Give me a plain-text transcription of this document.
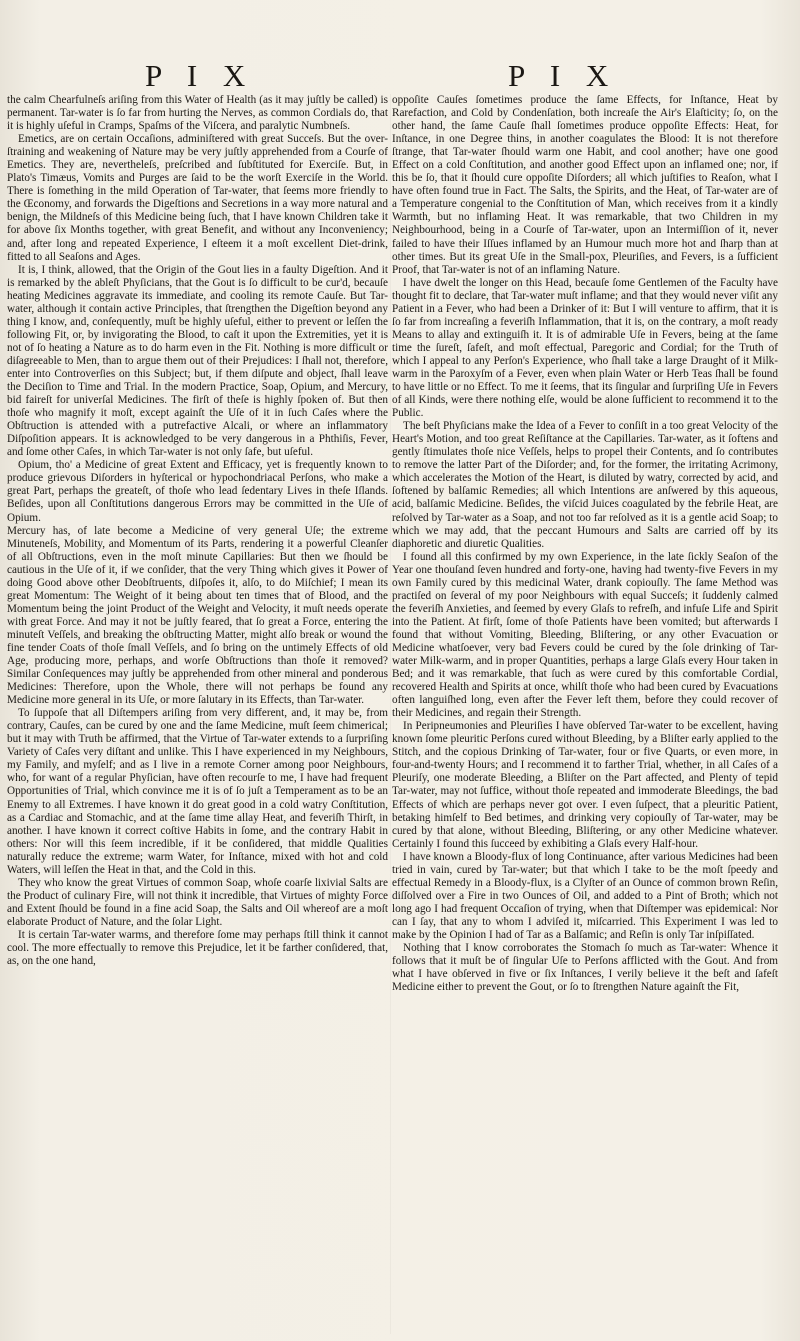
P I X	P I X

the calm Chearfulneſs ariſing from this Water of Health (as it may juſtly be called) is permanent. Tar-water is ſo far from hurting the Nerves, as common Cordials do, that it is highly uſeful in Cramps, Spaſms of the Viſcera, and paralytic Numbneſs.

Emetics, are on certain Occaſions, adminiſtered with great Succeſs. But the over-ſtraining and weakening of Nature may be very juſtly apprehended from a Courſe of Emetics. They are, nevertheleſs, preſcribed and ſubſtituted for Exerciſe. But, in Plato's Timæus, Vomits and Purges are ſaid to be the worſt Exerciſe in the World. There is ſomething in the mild Operation of Tar-water, that ſeems more friendly to the Œconomy, and forwards the Digeſtions and Secretions in a way more natural and benign, the Mildneſs of this Medicine being ſuch, that I have known Children take it for above ſix Months together, with great Benefit, and without any Inconveniency; and, after long and repeated Experience, I eſteem it a moſt excellent Diet-drink, fitted to all Seaſons and Ages.

It is, I think, allowed, that the Origin of the Gout lies in a faulty Digeſtion. And it is remarked by the ableſt Phyſicians, that the Gout is ſo difficult to be cur'd, becauſe heating Medicines aggravate its immediate, and cooling its remote Cauſe. But Tar-water, although it contain active Principles, that ſtrengthen the Digeſtion beyond any thing I know, and, conſequently, muſt be highly uſeful, either to prevent or leſſen the following Fit, or, by invigorating the Blood, to caſt it upon the Extremities, yet it is not of ſo heating a Nature as to do harm even in the Fit. Nothing is more difficult or diſagreeable to Men, than to argue them out of their Prejudices: I ſhall not, therefore, enter into Controverſies on this Subject; but, if them diſpute and object, ſhall leave the Deciſion to Time and Trial. In the modern Practice, Soap, Opium, and Mercury, bid faireſt for univerſal Medicines. The firſt of theſe is highly ſpoken of. But then thoſe who magnify it moſt, except againſt the Uſe of it in ſuch Caſes where the Obſtruction is attended with a putrefactive Alcali, or where an inflammatory Diſpoſition appears. It is acknowledged to be very dangerous in a Phthiſis, Fever, and ſome other Caſes, in which Tar-water is not only ſafe, but uſeful.

Opium, tho' a Medicine of great Extent and Efficacy, yet is frequently known to produce grievous Diſorders in hyſterical or hypochondriacal Perſons, who make a great Part, perhaps the greateſt, of thoſe who lead ſedentary Lives in theſe Iſlands. Beſides, upon all Conſtitutions dangerous Errors may be committed in the Uſe of Opium.

Mercury has, of late become a Medicine of very general Uſe; the extreme Minuteneſs, Mobility, and Momentum of its Parts, rendering it a powerful Cleanſer of all Obſtructions, even in the moſt minute Capillaries: But then we ſhould be cautious in the Uſe of it, if we conſider, that the very Thing which gives it Power of doing Good above other Deobſtruents, diſpoſes it, alſo, to do Miſchief; I mean its great Momentum: The Weight of it being about ten times that of Blood, and the Momentum being the joint Product of the Weight and Velocity, it muſt needs operate with great Force. And may it not be juſtly feared, that ſo great a Force, entering the minuteſt Veſſels, and breaking the obſtructing Matter, might alſo break or wound the fine tender Coats of thoſe ſmall Veſſels, and ſo bring on the untimely Effects of old Age, producing more, perhaps, and worſe Obſtructions than thoſe it removed? Similar Conſequences may juſtly be apprehended from other mineral and ponderous Medicines: Therefore, upon the Whole, there will not perhaps be found any Medicine more general in its Uſe, or more ſalutary in its Effects, than Tar-water.

To ſuppoſe that all Diſtempers ariſing from very different, and, it may be, from contrary, Cauſes, can be cured by one and the ſame Medicine, muſt ſeem chimerical; but it may with Truth be affirmed, that the Virtue of Tar-water extends to a ſurpriſing Variety of Caſes very diſtant and unlike. This I have experienced in my Neighbours, my Family, and myſelf; and as I live in a remote Corner among poor Neighbours, who, for want of a regular Phyſician, have often recourſe to me, I have had frequent Opportunities of Trial, which convince me it is of ſo juſt a Temperament as to be an Enemy to all Extremes. I have known it do great good in a cold watry Conſtitution, as a Cardiac and Stomachic, and at the ſame time allay Heat, and feveriſh Thirſt, in another. I have known it correct coſtive Habits in ſome, and the contrary Habit in others: Nor will this ſeem incredible, if it be conſidered, that middle Qualities naturally reduce the extreme; warm Water, for Inſtance, mixed with hot and cold Waters, will leſſen the Heat in that, and the Cold in this.

They who know the great Virtues of common Soap, whoſe coarſe lixivial Salts are the Product of culinary Fire, will not think it incredible, that Virtues of mighty Force and Extent ſhould be found in a fine acid Soap, the Salts and Oil whereof are a moſt elaborate Product of Nature, and the ſolar Light.

It is certain Tar-water warms, and therefore ſome may perhaps ſtill think it cannot cool. The more effectually to remove this Prejudice, let it be farther conſidered, that, as, on the one hand,

oppoſite Cauſes ſometimes produce the ſame Effects, for Inſtance, Heat by Rarefaction, and Cold by Condenſation, both increaſe the Air's Elaſticity; ſo, on the other hand, the ſame Cauſe ſhall ſometimes produce oppoſite Effects: Heat, for Inſtance, in one Degree thins, in another coagulates the Blood: It is not therefore ſtrange, that Tar-water ſhould warm one Habit, and cool another; have one good Effect on a cold Conſtitution, and another good Effect upon an inflamed one; nor, if this be ſo, that it ſhould cure oppoſite Diſorders; all which juſtifies to Reaſon, what I have often found true in Fact. The Salts, the Spirits, and the Heat, of Tar-water are of a Temperature congenial to the Conſtitution of Man, which receives from it a kindly Warmth, but no inflaming Heat. It was remarkable, that two Children in my Neighbourhood, being in a Courſe of Tar-water, upon an Intermiſſion of it, never failed to have their Iſſues inflamed by an Humour much more hot and ſharp than at other times. But its great Uſe in the Small-pox, Pleuriſies, and Fevers, is a ſufficient Proof, that Tar-water is not of an inflaming Nature.

I have dwelt the longer on this Head, becauſe ſome Gentlemen of the Faculty have thought fit to declare, that Tar-water muſt inflame; and that they would never viſit any Patient in a Fever, who had been a Drinker of it: But I will venture to affirm, that it is ſo far from increaſing a feveriſh Inflammation, that it is, on the contrary, a moſt ready Means to allay and extinguiſh it. It is of admirable Uſe in Fevers, being at the ſame time the ſureſt, ſafeſt, and moſt effectual, Paregoric and Cordial; for the Truth of which I appeal to any Perſon's Experience, who ſhall take a large Draught of it Milk-warm in the Paroxyſm of a Fever, even when plain Water or Herb Teas ſhall be found to have little or no Effect. To me it ſeems, that its ſingular and ſurpriſing Uſe in Fevers of all Kinds, were there nothing elſe, would be alone ſufficient to recommend it to the Public.

The beſt Phyſicians make the Idea of a Fever to conſiſt in a too great Velocity of the Heart's Motion, and too great Reſiſtance at the Capillaries. Tar-water, as it ſoftens and gently ſtimulates thoſe nice Veſſels, helps to propel their Contents, and ſo contributes to remove the latter Part of the Diſorder; and, for the former, the irritating Acrimony, which accelerates the Motion of the Heart, is diluted by watry, corrected by acid, and ſoftened by balſamic Remedies; all which Intentions are anſwered by this aqueous, acid, balſamic Medicine. Beſides, the viſcid Juices coagulated by the febrile Heat, are reſolved by Tar-water as a Soap, and not too far reſolved as it is a gentle acid Soap; to which we may add, that the peccant Humours and Salts are carried off by its diaphoretic and diuretic Qualities.

I found all this confirmed by my own Experience, in the late ſickly Seaſon of the Year one thouſand ſeven hundred and forty-one, having had twenty-five Fevers in my own Family cured by this medicinal Water, drank copiouſly. The ſame Method was practiſed on ſeveral of my poor Neighbours with equal Succeſs; it ſuddenly calmed the feveriſh Anxieties, and ſeemed by every Glaſs to refreſh, and infuſe Life and Spirit into the Patient. At firſt, ſome of thoſe Patients have been vomited; but afterwards I found that without Vomiting, Bleeding, Bliſtering, or any other Evacuation or Medicine whatſoever, very bad Fevers could be cured by the ſole drinking of Tar-water Milk-warm, and in proper Quantities, perhaps a large Glaſs every Hour taken in Bed; and it was remarkable, that ſuch as were cured by this comfortable Cordial, recovered Health and Spirits at once, whilſt thoſe who had been cured by Evacuations often languiſhed long, even after the Fever left them, before they could recover of their Medicines, and regain their Strength.

In Peripneumonies and Pleuriſies I have obſerved Tar-water to be excellent, having known ſome pleuritic Perſons cured without Bleeding, by a Bliſter early applied to the Stitch, and the copious Drinking of Tar-water, four or five Quarts, or even more, in four-and-twenty Hours; and I recommend it to farther Trial, whether, in all Caſes of a Pleuriſy, one moderate Bleeding, a Bliſter on the Part affected, and Plenty of tepid Tar-water, may not ſuffice, without thoſe repeated and immoderate Bleedings, the bad Effects of which are perhaps never got over. I even ſuſpect, that a pleuritic Patient, betaking himſelf to Bed betimes, and drinking very copiouſly of Tar-water, may be cured by that alone, without Bleeding, Bliſtering, or any other Medicine whatever. Certainly I found this ſucceed by exhibiting a Glaſs every Half-hour.

I have known a Bloody-flux of long Continuance, after various Medicines had been tried in vain, cured by Tar-water; but that which I take to be the moſt ſpeedy and effectual Remedy in a Bloody-flux, is a Clyſter of an Ounce of common brown Reſin, diſſolved over a Fire in two Ounces of Oil, and added to a Pint of Broth; which not long ago I had frequent Occaſion of trying, when that Diſtemper was epidemical: Nor can I ſay, that any to whom I adviſed it, miſcarried. This Experiment I was led to make by the Opinion I had of Tar as a Balſamic; and Reſin is only Tar inſpiſſated.

Nothing that I know corroborates the Stomach ſo much as Tar-water: Whence it follows that it muſt be of ſingular Uſe to Perſons afflicted with the Gout. And from what I have obſerved in five or ſix Inſtances, I verily believe it the beſt and ſafeſt Medicine either to prevent the Gout, or ſo to ſtrengthen Nature againſt the Fit,
